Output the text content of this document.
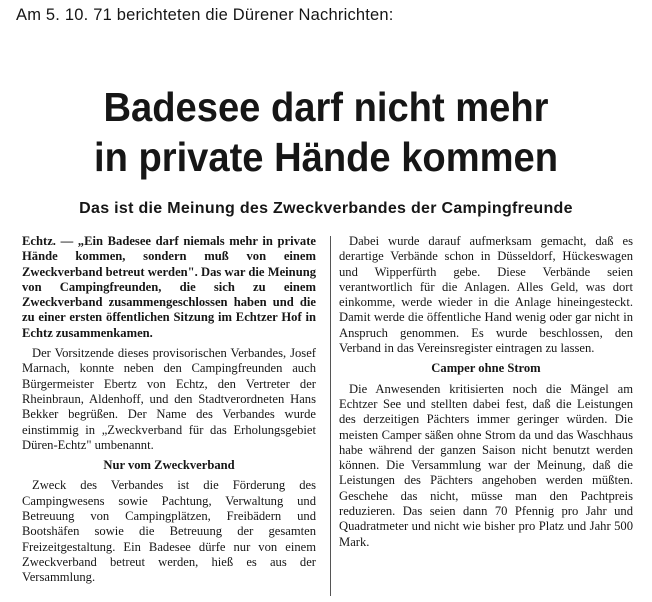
Am 5. 10. 71 berichteten die Dürener Nachrichten:
Badesee darf nicht mehr
in private Hände kommen
Das ist die Meinung des Zweckverbandes der Campingfreunde

Echtz. — „Ein Badesee darf niemals mehr in private Hände kommen, sondern muß von einem Zweckverband betreut werden". Das war die Meinung von Campingfreunden, die sich zu einem Zweckverband zusammengeschlossen haben und die zu einer ersten öffentlichen Sitzung im Echtzer Hof in Echtz zusammenkamen.

Der Vorsitzende dieses provisorischen Verbandes, Josef Marnach, konnte neben den Campingfreunden auch Bürgermeister Ebertz von Echtz, den Vertreter der Rheinbraun, Aldenhoff, und den Stadtverordneten Hans Bekker begrüßen. Der Name des Verbandes wurde einstimmig in „Zweckverband für das Erholungsgebiet Düren-Echtz" umbenannt.

Nur vom Zweckverband

Zweck des Verbandes ist die Förderung des Campingwesens sowie Pachtung, Verwaltung und Betreuung von Campingplätzen, Freibädern und Bootshäfen sowie die Betreuung der gesamten Freizeitgestaltung. Ein Badesee dürfe nur von einem Zweckverband betreut werden, hieß es aus der Versammlung.

Dabei wurde darauf aufmerksam gemacht, daß es derartige Verbände schon in Düsseldorf, Hückeswagen und Wipperfürth gebe. Diese Verbände seien verantwortlich für die Anlagen. Alles Geld, was dort einkomme, werde wieder in die Anlage hineingesteckt. Damit werde die öffentliche Hand wenig oder gar nicht in Anspruch genommen. Es wurde beschlossen, den Verband in das Vereinsregister eintragen zu lassen.

Camper ohne Strom

Die Anwesenden kritisierten noch die Mängel am Echtzer See und stellten dabei fest, daß die Leistungen des derzeitigen Pächters immer geringer würden. Die meisten Camper säßen ohne Strom da und das Waschhaus habe während der ganzen Saison nicht benutzt werden können. Die Versammlung war der Meinung, daß die Leistungen des Pächters angehoben werden müßten. Geschehe das nicht, müsse man den Pachtpreis reduzieren. Das seien dann 70 Pfennig pro Jahr und Quadratmeter und nicht wie bisher pro Platz und Jahr 500 Mark.
